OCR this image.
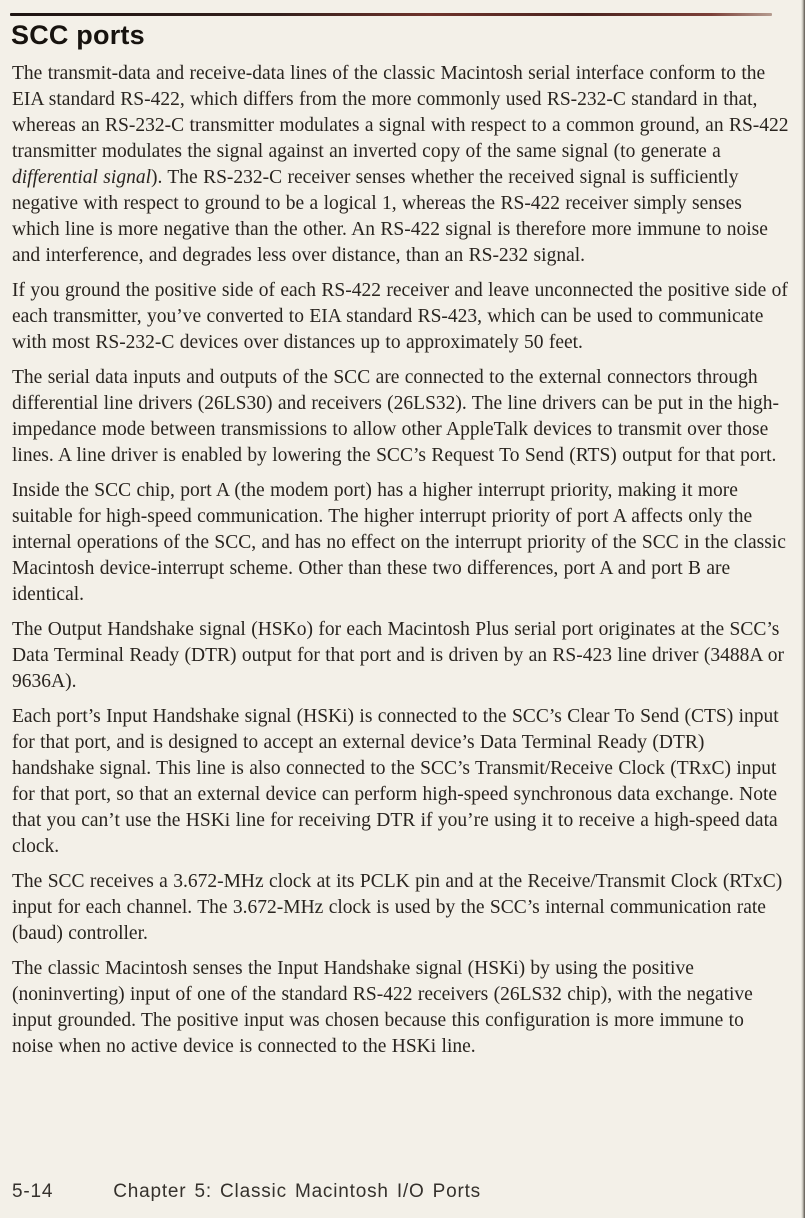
SCC ports

The transmit-data and receive-data lines of the classic Macintosh serial interface conform to the EIA standard RS-422, which differs from the more commonly used RS-232-C standard in that, whereas an RS-232-C transmitter modulates a signal with respect to a common ground, an RS-422 transmitter modulates the signal against an inverted copy of the same signal (to generate a differential signal). The RS-232-C receiver senses whether the received signal is sufficiently negative with respect to ground to be a logical 1, whereas the RS-422 receiver simply senses which line is more negative than the other. An RS-422 signal is therefore more immune to noise and interference, and degrades less over distance, than an RS-232 signal.

If you ground the positive side of each RS-422 receiver and leave unconnected the positive side of each transmitter, you’ve converted to EIA standard RS-423, which can be used to communicate with most RS-232-C devices over distances up to approximately 50 feet.

The serial data inputs and outputs of the SCC are connected to the external connectors through differential line drivers (26LS30) and receivers (26LS32). The line drivers can be put in the high-impedance mode between transmissions to allow other AppleTalk devices to transmit over those lines. A line driver is enabled by lowering the SCC’s Request To Send (RTS) output for that port.

Inside the SCC chip, port A (the modem port) has a higher interrupt priority, making it more suitable for high-speed communication. The higher interrupt priority of port A affects only the internal operations of the SCC, and has no effect on the interrupt priority of the SCC in the classic Macintosh device-interrupt scheme. Other than these two differences, port A and port B are identical.

The Output Handshake signal (HSKo) for each Macintosh Plus serial port originates at the SCC’s Data Terminal Ready (DTR) output for that port and is driven by an RS-423 line driver (3488A or 9636A).

Each port’s Input Handshake signal (HSKi) is connected to the SCC’s Clear To Send (CTS) input for that port, and is designed to accept an external device’s Data Terminal Ready (DTR) handshake signal. This line is also connected to the SCC’s Transmit/Receive Clock (TRxC) input for that port, so that an external device can perform high-speed synchronous data exchange. Note that you can’t use the HSKi line for receiving DTR if you’re using it to receive a high-speed data clock.

The SCC receives a 3.672-MHz clock at its PCLK pin and at the Receive/Transmit Clock (RTxC) input for each channel. The 3.672-MHz clock is used by the SCC’s internal communication rate (baud) controller.

The classic Macintosh senses the Input Handshake signal (HSKi) by using the positive (noninverting) input of one of the standard RS-422 receivers (26LS32 chip), with the negative input grounded. The positive input was chosen because this configuration is more immune to noise when no active device is connected to the HSKi line.

5-14	Chapter 5: Classic Macintosh I/O Ports
